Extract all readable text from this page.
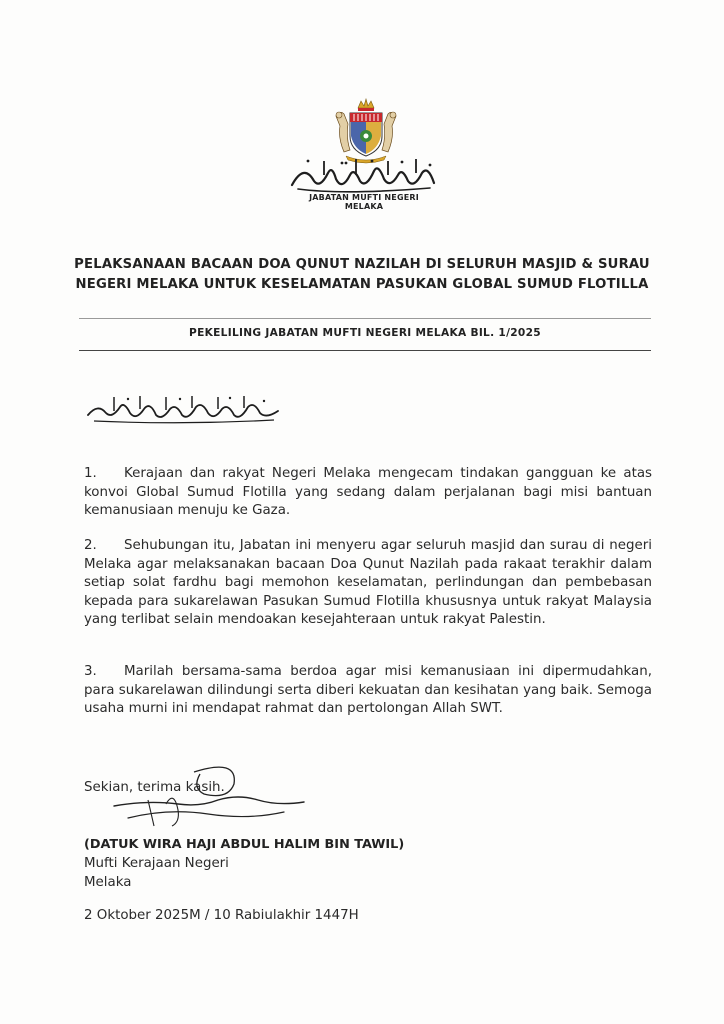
JABATAN MUFTI NEGERI MELAKA
PELAKSANAAN BACAAN DOA QUNUT NAZILAH DI SELURUH MASJID & SURAU
NEGERI MELAKA UNTUK KESELAMATAN PASUKAN GLOBAL SUMUD FLOTILLA
PEKELILING JABATAN MUFTI NEGERI MELAKA BIL. 1/2025
1. Kerajaan dan rakyat Negeri Melaka mengecam tindakan gangguan ke atas konvoi Global Sumud Flotilla yang sedang dalam perjalanan bagi misi bantuan kemanusiaan menuju ke Gaza.
2. Sehubungan itu, Jabatan ini menyeru agar seluruh masjid dan surau di negeri Melaka agar melaksanakan bacaan Doa Qunut Nazilah pada rakaat terakhir dalam setiap solat fardhu bagi memohon keselamatan, perlindungan dan pembebasan kepada para sukarelawan Pasukan Sumud Flotilla khususnya untuk rakyat Malaysia yang terlibat selain mendoakan kesejahteraan untuk rakyat Palestin.
3. Marilah bersama-sama berdoa agar misi kemanusiaan ini dipermudahkan, para sukarelawan dilindungi serta diberi kekuatan dan kesihatan yang baik. Semoga usaha murni ini mendapat rahmat dan pertolongan Allah SWT.
Sekian, terima kasih.
(DATUK WIRA HAJI ABDUL HALIM BIN TAWIL)
Mufti Kerajaan Negeri
Melaka
2 Oktober 2025M / 10 Rabiulakhir 1447H
